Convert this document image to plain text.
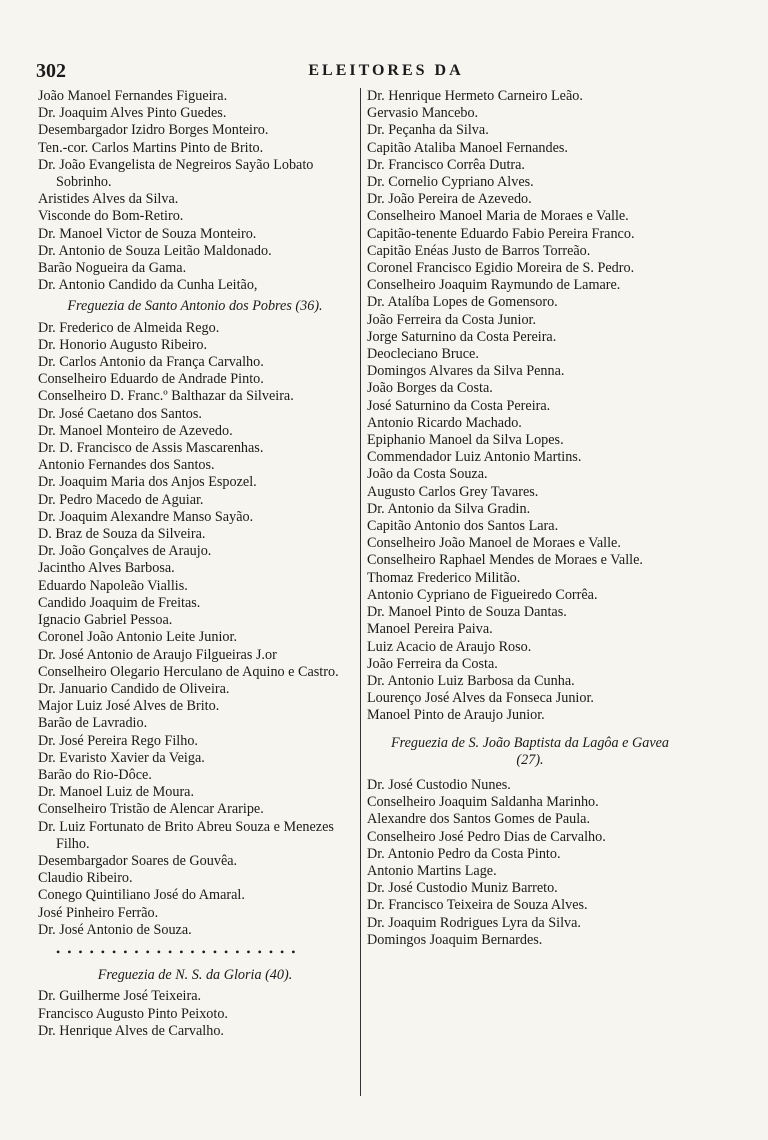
302	ELEITORES DA
João Manoel Fernandes Figueira.
Dr. Joaquim Alves Pinto Guedes.
Desembargador Izidro Borges Monteiro.
Ten.-cor. Carlos Martins Pinto de Brito.
Dr. João Evangelista de Negreiros Sayão Lobato Sobrinho.
Aristides Alves da Silva.
Visconde do Bom-Retiro.
Dr. Manoel Victor de Souza Monteiro.
Dr. Antonio de Souza Leitão Maldonado.
Barão Nogueira da Gama.
Dr. Antonio Candido da Cunha Leitão,
Freguezia de Santo Antonio dos Pobres (36).
Dr. Frederico de Almeida Rego.
Dr. Honorio Augusto Ribeiro.
Dr. Carlos Antonio da França Carvalho.
Conselheiro Eduardo de Andrade Pinto.
Conselheiro D. Franc.º Balthazar da Silveira.
Dr. José Caetano dos Santos.
Dr. Manoel Monteiro de Azevedo.
Dr. D. Francisco de Assis Mascarenhas.
Antonio Fernandes dos Santos.
Dr. Joaquim Maria dos Anjos Espozel.
Dr. Pedro Macedo de Aguiar.
Dr. Joaquim Alexandre Manso Sayão.
D. Braz de Souza da Silveira.
Dr. João Gonçalves de Araujo.
Jacintho Alves Barbosa.
Eduardo Napoleão Viallis.
Candido Joaquim de Freitas.
Ignacio Gabriel Pessoa.
Coronel João Antonio Leite Junior.
Dr. José Antonio de Araujo Filgueiras J.or
Conselheiro Olegario Herculano de Aquino e Castro.
Dr. Januario Candido de Oliveira.
Major Luiz José Alves de Brito.
Barão de Lavradio.
Dr. José Pereira Rego Filho.
Dr. Evaristo Xavier da Veiga.
Barão do Rio-Dôce.
Dr. Manoel Luiz de Moura.
Conselheiro Tristão de Alencar Araripe.
Dr. Luiz Fortunato de Brito Abreu Souza e Menezes Filho.
Desembargador Soares de Gouvêa.
Claudio Ribeiro.
Conego Quintiliano José do Amaral.
José Pinheiro Ferrão.
Dr. José Antonio de Souza.
• • • • • • • • • • • • • • • • • • • • • •
Freguezia de N. S. da Gloria (40).
Dr. Guilherme José Teixeira.
Francisco Augusto Pinto Peixoto.
Dr. Henrique Alves de Carvalho.
Dr. Henrique Hermeto Carneiro Leão.
Gervasio Mancebo.
Dr. Peçanha da Silva.
Capitão Ataliba Manoel Fernandes.
Dr. Francisco Corrêa Dutra.
Dr. Cornelio Cypriano Alves.
Dr. João Pereira de Azevedo.
Conselheiro Manoel Maria de Moraes e Valle.
Capitão-tenente Eduardo Fabio Pereira Franco.
Capitão Enéas Justo de Barros Torreão.
Coronel Francisco Egidio Moreira de S. Pedro.
Conselheiro Joaquim Raymundo de Lamare.
Dr. Atalíba Lopes de Gomensoro.
João Ferreira da Costa Junior.
Jorge Saturnino da Costa Pereira.
Deocleciano Bruce.
Domingos Alvares da Silva Penna.
João Borges da Costa.
José Saturnino da Costa Pereira.
Antonio Ricardo Machado.
Epiphanio Manoel da Silva Lopes.
Commendador Luiz Antonio Martins.
João da Costa Souza.
Augusto Carlos Grey Tavares.
Dr. Antonio da Silva Gradin.
Capitão Antonio dos Santos Lara.
Conselheiro João Manoel de Moraes e Valle.
Conselheiro Raphael Mendes de Moraes e Valle.
Thomaz Frederico Militão.
Antonio Cypriano de Figueiredo Corrêa.
Dr. Manoel Pinto de Souza Dantas.
Manoel Pereira Paiva.
Luiz Acacio de Araujo Roso.
João Ferreira da Costa.
Dr. Antonio Luiz Barbosa da Cunha.
Lourenço José Alves da Fonseca Junior.
Manoel Pinto de Araujo Junior.
Freguezia de S. João Baptista da Lagôa e Gavea (27).
Dr. José Custodio Nunes.
Conselheiro Joaquim Saldanha Marinho.
Alexandre dos Santos Gomes de Paula.
Conselheiro José Pedro Dias de Carvalho.
Dr. Antonio Pedro da Costa Pinto.
Antonio Martins Lage.
Dr. José Custodio Muniz Barreto.
Dr. Francisco Teixeira de Souza Alves.
Dr. Joaquim Rodrigues Lyra da Silva.
Domingos Joaquim Bernardes.
